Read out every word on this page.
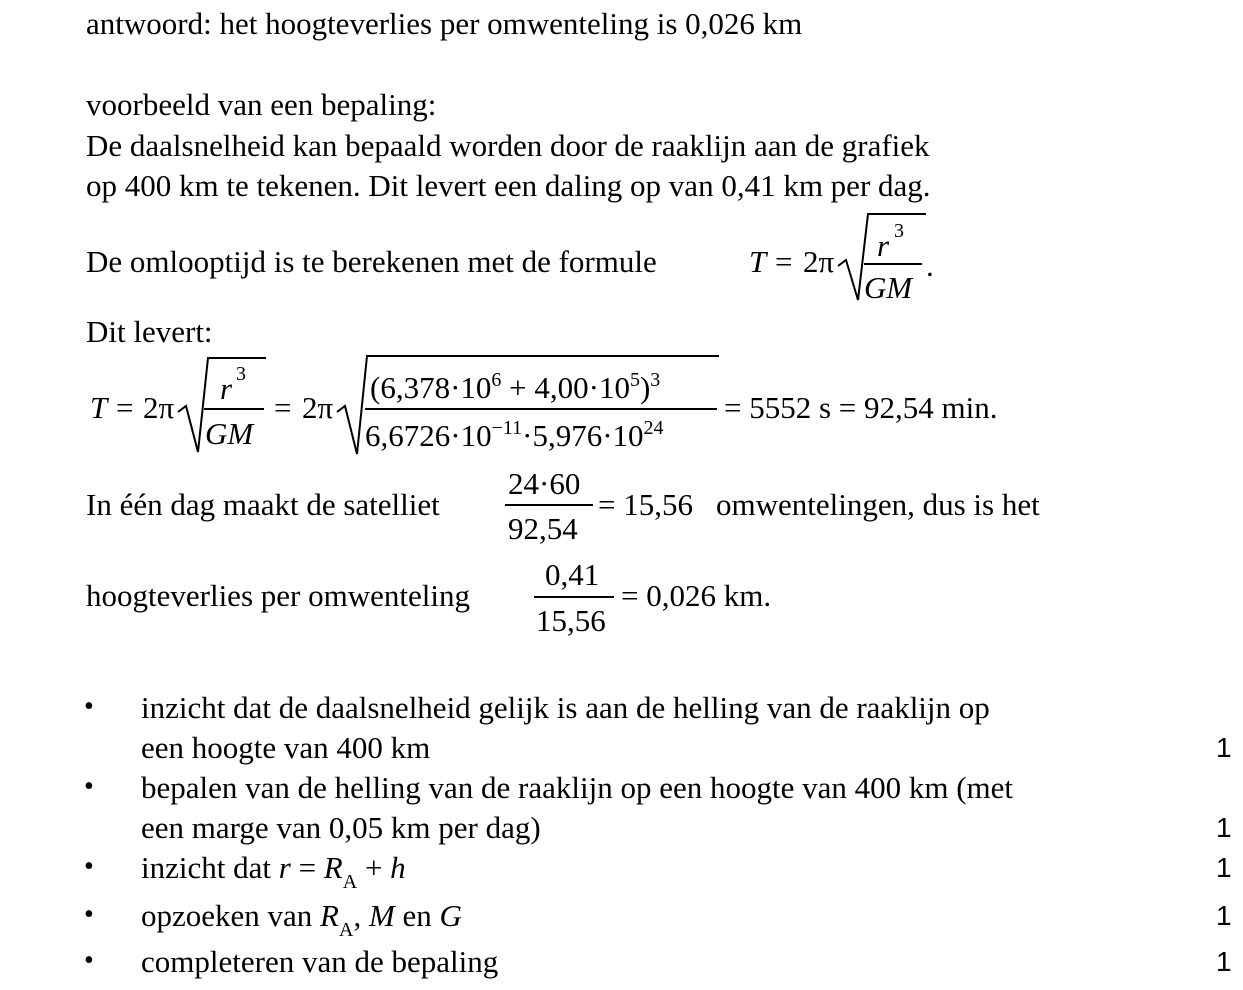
antwoord: het hoogteverlies per omwenteling is 0,026 km
voorbeeld van een bepaling:
De daalsnelheid kan bepaald worden door de raaklijn aan de grafiek
op 400 km te tekenen. Dit levert een daling op van 0,41 km per dag.
De omlooptijd is te berekenen met de formule	T = 2π r 3
GM
.
Dit levert:
T = 2π
r 3
GM
= 2π
$(6,378\cdot 10^6 + 4,00\cdot 10^5)^3$
$6,6726\cdot 10^{-11}\cdot 5,976\cdot 10^{24}$
= 5552 s = 92,54 min.
In één dag maakt de satelliet
24·60
92,54
= 15,56 omwentelingen, dus is het
hoogteverlies per omwenteling
0,41
15,56
= 0,026 km.
• inzicht dat de daalsnelheid gelijk is aan de helling van de raaklijn op
een hoogte van 400 km	1
• bepalen van de helling van de raaklijn op een hoogte van 400 km (met
een marge van 0,05 km per dag)	1
• inzicht dat $r = R_A + h$	1
• opzoeken van $R_A$, M en G	1
• completeren van de bepaling	1
